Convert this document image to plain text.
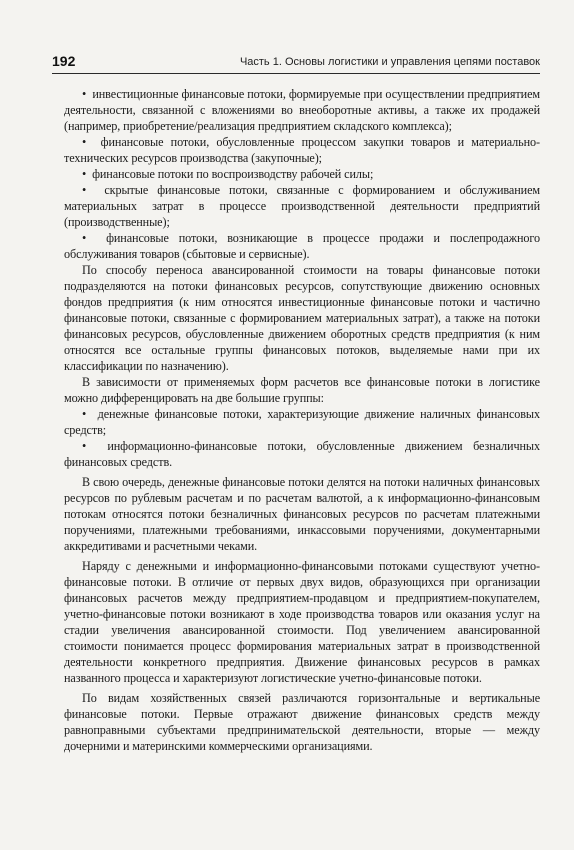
192	Часть 1. Основы логистики и управления цепями поставок

•  инвестиционные финансовые потоки, формируемые при осуществлении предприятием деятельности, связанной с вложениями во внеоборотные активы, а также их продажей (например, приобретение/реализация предприятием складского комплекса);

•  финансовые потоки, обусловленные процессом закупки товаров и материально-технических ресурсов производства (закупочные);

•  финансовые потоки по воспроизводству рабочей силы;

•  скрытые финансовые потоки, связанные с формированием и обслуживанием материальных затрат в процессе производственной деятельности предприятий (производственные);

•  финансовые потоки, возникающие в процессе продажи и послепродажного обслуживания товаров (сбытовые и сервисные).

По способу переноса авансированной стоимости на товары финансовые потоки подразделяются на потоки финансовых ресурсов, сопутствующие движению основных фондов предприятия (к ним относятся инвестиционные финансовые потоки и частично финансовые потоки, связанные с формированием материальных затрат), а также на потоки финансовых ресурсов, обусловленные движением оборотных средств предприятия (к ним относятся все остальные группы финансовых потоков, выделяемые нами при их классификации по назначению).

В зависимости от применяемых форм расчетов все финансовые потоки в логистике можно дифференцировать на две большие группы:

•  денежные финансовые потоки, характеризующие движение наличных финансовых средств;

•  информационно-финансовые потоки, обусловленные движением безналичных финансовых средств.

В свою очередь, денежные финансовые потоки делятся на потоки наличных финансовых ресурсов по рублевым расчетам и по расчетам валютой, а к информационно-финансовым потокам относятся потоки безналичных финансовых ресурсов по расчетам платежными поручениями, платежными требованиями, инкассовыми поручениями, документарными аккредитивами и расчетными чеками.

Наряду с денежными и информационно-финансовыми потоками существуют учетно-финансовые потоки. В отличие от первых двух видов, образующихся при организации финансовых расчетов между предприятием-продавцом и предприятием-покупателем, учетно-финансовые потоки возникают в ходе производства товаров или оказания услуг на стадии увеличения авансированной стоимости. Под увеличением авансированной стоимости понимается процесс формирования материальных затрат в производственной деятельности конкретного предприятия. Движение финансовых ресурсов в рамках названного процесса и характеризуют логистические учетно-финансовые потоки.

По видам хозяйственных связей различаются горизонтальные и вертикальные финансовые потоки. Первые отражают движение финансовых средств между равноправными субъектами предпринимательской деятельности, вторые — между дочерними и материнскими коммерческими организациями.
